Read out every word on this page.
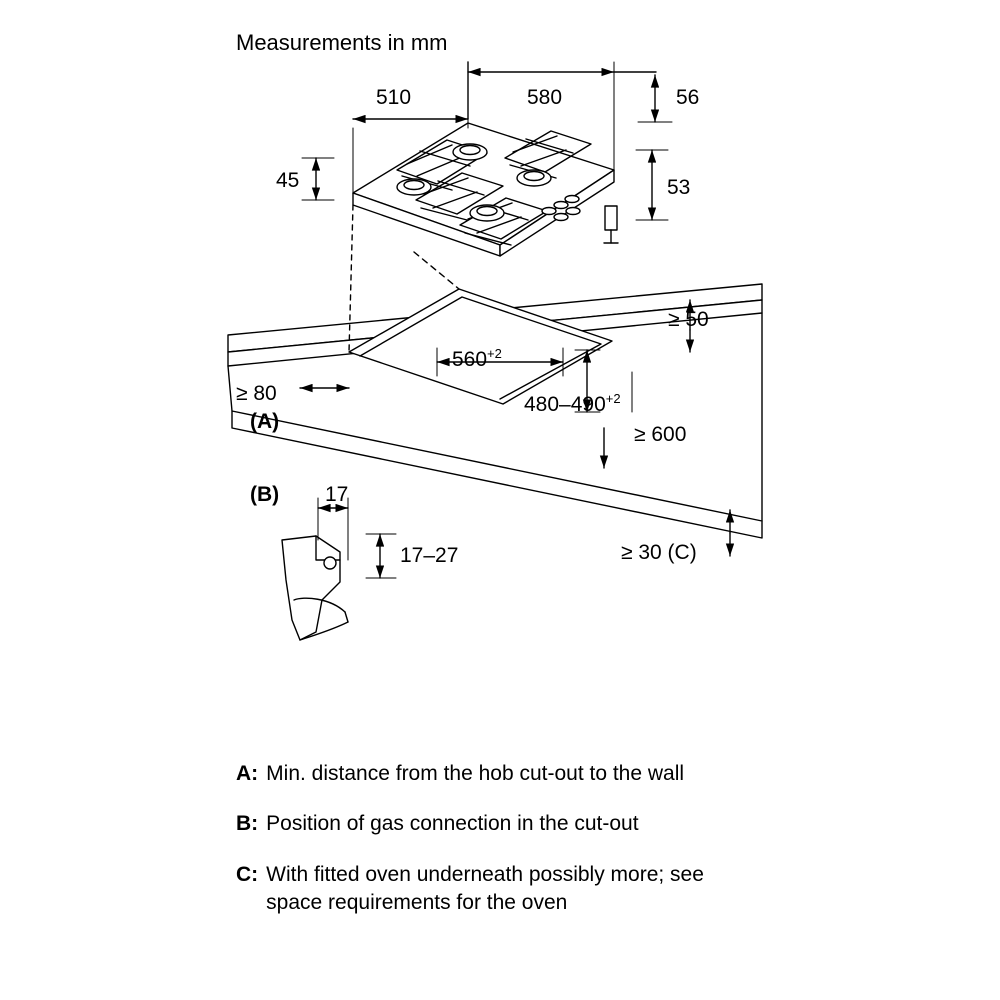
Measurements in mm
510	580	56
45	53
≥ 50
$560^{+2}$
≥ 80	$480-490^{+2}$
≥ 600
≥ 30 (C)
17
17–27
(A)
(B)
A: Min. distance from the hob cut-out to the wall
B: Position of gas connection in the cut-out
C: With fitted oven underneath possibly more; see space requirements for the oven
